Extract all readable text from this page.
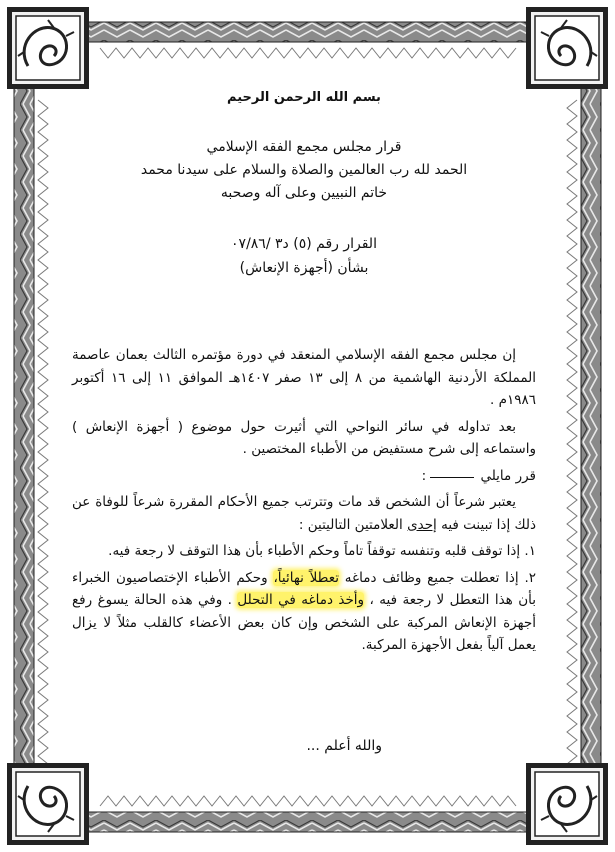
بسم الله الرحمن الرحيم
قرار مجلس مجمع الفقه الإسلامي
الحمد لله رب العالمين والصلاة والسلام على سيدنا محمد
خاتم النبيين وعلى آله وصحبه
القرار رقم (٥) د٣ /٠٧/٨٦
بشأن (أجهزة الإنعاش)

إن مجلس مجمع الفقه الإسلامي المنعقد في دورة مؤتمره الثالث بعمان عاصمة المملكة الأردنية الهاشمية من ٨ إلى ١٣ صفر ١٤٠٧هـ الموافق ١١ إلى ١٦ أكتوبر ١٩٨٦م .

بعد تداوله في سائر النواحي التي أثيرت حول موضوع ( أجهزة الإنعاش ) واستماعه إلى شرح مستفيض من الأطباء المختصين .

قرر مايلي :

يعتبر شرعاً أن الشخص قد مات وتترتب جميع الأحكام المقررة شرعاً للوفاة عن ذلك إذا تبينت فيه إحدى العلامتين التاليتين :

١. إذا توقف قلبه وتنفسه توقفاً تاماً وحكم الأطباء بأن هذا التوقف لا رجعة فيه.

٢. إذا تعطلت جميع وظائف دماغه تعطلاً نهائياً، وحكم الأطباء الإختصاصيون الخبراء بأن هذا التعطل لا رجعة فيه ، وأخذ دماغه في التحلل . وفي هذه الحالة يسوغ رفع أجهزة الإنعاش المركبة على الشخص وإن كان بعض الأعضاء كالقلب مثلاً لا يزال يعمل آلياً بفعل الأجهزة المركبة.

والله أعلم ...
